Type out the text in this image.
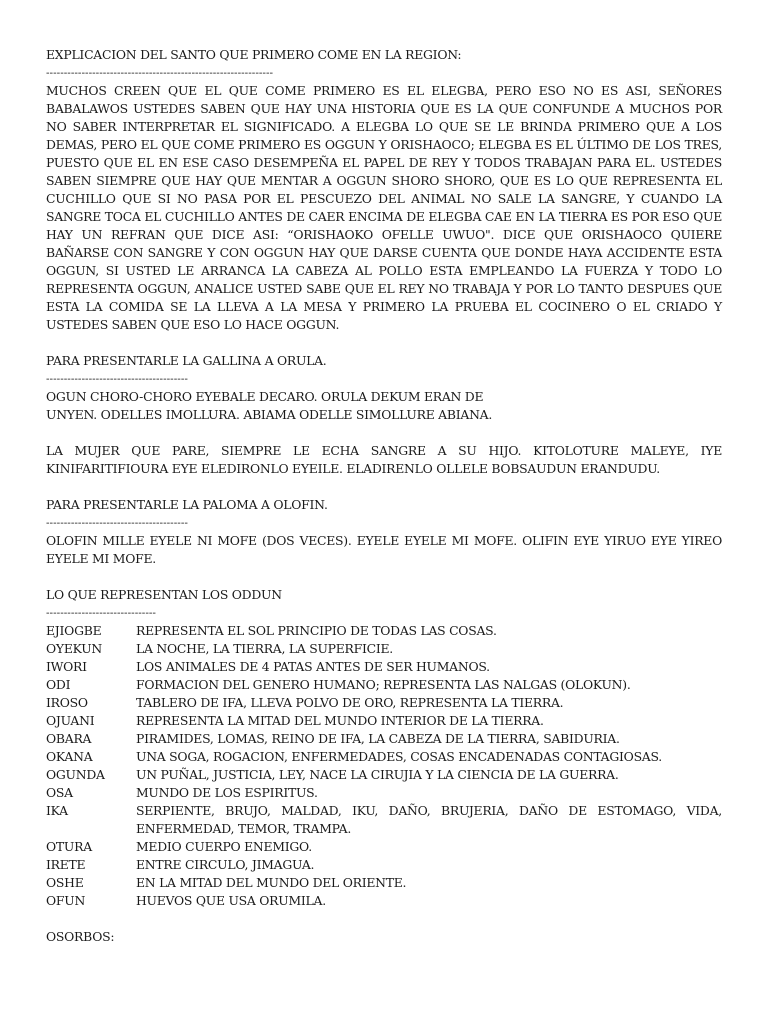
EXPLICACION DEL SANTO QUE PRIMERO COME EN LA REGION:
----------------------------------------------------------------
MUCHOS CREEN QUE EL QUE COME PRIMERO ES EL ELEGBA, PERO ESO NO ES ASI, SEÑORES BABALAWOS USTEDES SABEN QUE HAY UNA HISTORIA QUE ES LA QUE CONFUNDE A MUCHOS POR NO SABER INTERPRETAR EL SIGNIFICADO. A ELEGBA LO QUE SE LE BRINDA PRIMERO QUE A LOS DEMAS, PERO EL QUE COME PRIMERO ES OGGUN Y ORISHAOCO; ELEGBA ES EL ÚLTIMO DE LOS TRES, PUESTO QUE EL EN ESE CASO DESEMPEÑA EL PAPEL DE REY Y TODOS TRABAJAN PARA EL. USTEDES SABEN SIEMPRE QUE HAY QUE MENTAR A OGGUN SHORO SHORO, QUE ES LO QUE REPRESENTA EL CUCHILLO QUE SI NO PASA POR EL PESCUEZO DEL ANIMAL NO SALE LA SANGRE, Y CUANDO LA SANGRE TOCA EL CUCHILLO ANTES DE CAER ENCIMA DE ELEGBA CAE EN LA TIERRA ES POR ESO QUE HAY UN REFRAN QUE DICE ASI: “ORISHAOKO OFELLE UWUO". DICE QUE ORISHAOCO QUIERE BAÑARSE CON SANGRE Y CON OGGUN HAY QUE DARSE CUENTA QUE DONDE HAYA ACCIDENTE ESTA OGGUN, SI USTED LE ARRANCA LA CABEZA AL POLLO ESTA EMPLEANDO LA FUERZA Y TODO LO REPRESENTA OGGUN, ANALICE USTED SABE QUE EL REY NO TRABAJA Y POR LO TANTO DESPUES QUE ESTA LA COMIDA SE LA LLEVA A LA MESA Y PRIMERO LA PRUEBA EL COCINERO O EL CRIADO Y USTEDES SABEN QUE ESO LO HACE OGGUN.
PARA PRESENTARLE LA GALLINA A ORULA.
----------------------------------------
OGUN CHORO-CHORO EYEBALE DECARO. ORULA DEKUM ERAN DE
UNYEN. ODELLES IMOLLURA. ABIAMA ODELLE SIMOLLURE ABIANA.
LA MUJER QUE PARE, SIEMPRE LE ECHA SANGRE A SU HIJO. KITOLOTURE MALEYE, IYE KINIFARITIFIOURA EYE ELEDIRONLO EYEILE. ELADIRENLO OLLELE BOBSAUDUN ERANDUDU.
PARA PRESENTARLE LA PALOMA A OLOFIN.
----------------------------------------
OLOFIN MILLE EYELE NI MOFE (DOS VECES). EYELE EYELE MI MOFE. OLIFIN EYE YIRUO EYE YIREO EYELE MI MOFE.
LO QUE REPRESENTAN LOS ODDUN
-------------------------------
EJIOGBE	REPRESENTA EL SOL PRINCIPIO DE TODAS LAS COSAS.
OYEKUN	LA NOCHE, LA TIERRA, LA SUPERFICIE.
IWORI	LOS ANIMALES DE 4 PATAS ANTES DE SER HUMANOS.
ODI	FORMACION DEL GENERO HUMANO; REPRESENTA LAS NALGAS (OLOKUN).
IROSO	TABLERO DE IFA, LLEVA POLVO DE ORO, REPRESENTA LA TIERRA.
OJUANI	REPRESENTA LA MITAD DEL MUNDO INTERIOR DE LA TIERRA.
OBARA	PIRAMIDES, LOMAS, REINO DE IFA, LA CABEZA DE LA TIERRA, SABIDURIA.
OKANA	UNA SOGA, ROGACION, ENFERMEDADES, COSAS ENCADENADAS CONTAGIOSAS.
OGUNDA	UN PUÑAL, JUSTICIA, LEY, NACE LA CIRUJIA Y LA CIENCIA DE LA GUERRA.
OSA	MUNDO DE LOS ESPIRITUS.
IKA	SERPIENTE, BRUJO, MALDAD, IKU, DAÑO, BRUJERIA, DAÑO DE ESTOMAGO, VIDA, ENFERMEDAD, TEMOR, TRAMPA.
OTURA	MEDIO CUERPO ENEMIGO.
IRETE	ENTRE CIRCULO, JIMAGUA.
OSHE	EN LA MITAD DEL MUNDO DEL ORIENTE.
OFUN	HUEVOS QUE USA ORUMILA.
OSORBOS:
